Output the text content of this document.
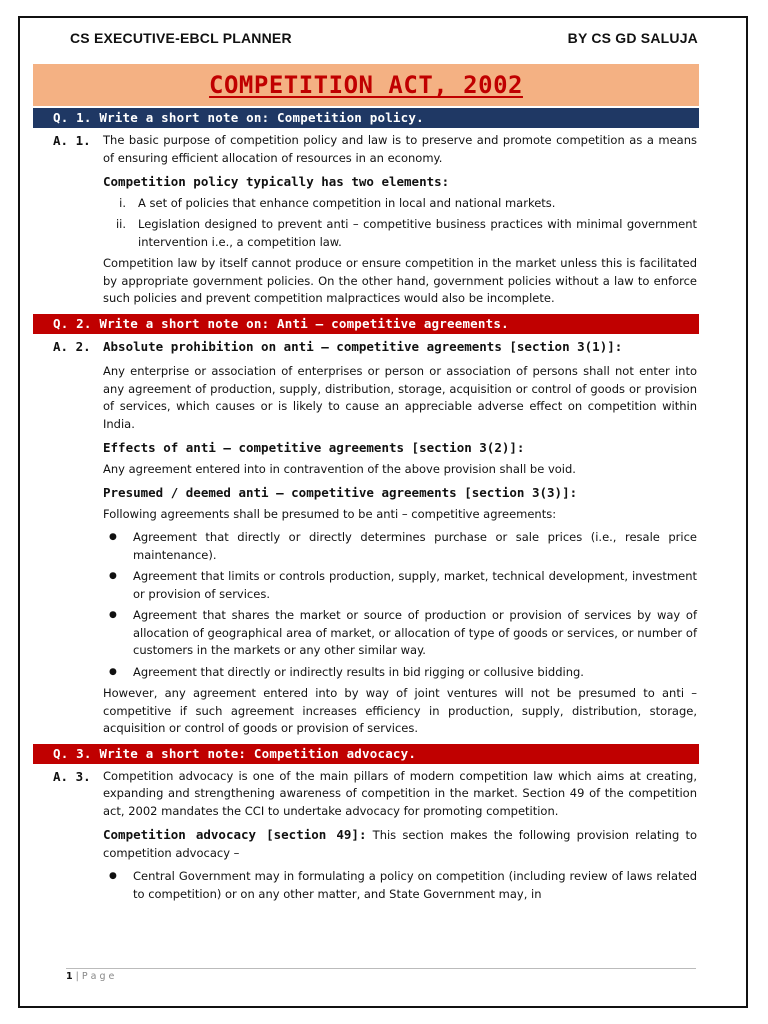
CS EXECUTIVE-EBCL PLANNER	BY CS GD SALUJA
COMPETITION ACT, 2002
Q. 1. Write a short note on: Competition policy.
A. 1.	The basic purpose of competition policy and law is to preserve and promote competition as a means of ensuring efficient allocation of resources in an economy.

Competition policy typically has two elements:
i.	A set of policies that enhance competition in local and national markets.
ii.	Legislation designed to prevent anti – competitive business practices with minimal government intervention i.e., a competition law.

Competition law by itself cannot produce or ensure competition in the market unless this is facilitated by appropriate government policies. On the other hand, government policies without a law to enforce such policies and prevent competition malpractices would also be incomplete.

Q. 2. Write a short note on: Anti – competitive agreements.
A. 2. Absolute prohibition on anti – competitive agreements [section 3(1)]:

Any enterprise or association of enterprises or person or association of persons shall not enter into any agreement of production, supply, distribution, storage, acquisition or control of goods or provision of services, which causes or is likely to cause an appreciable adverse effect on competition within India.

Effects of anti – competitive agreements [section 3(2)]:

Any agreement entered into in contravention of the above provision shall be void.

Presumed / deemed anti – competitive agreements [section 3(3)]:

Following agreements shall be presumed to be anti – competitive agreements:

●	Agreement that directly or directly determines purchase or sale prices (i.e., resale price maintenance).
●	Agreement that limits or controls production, supply, market, technical development, investment or provision of services.
●	Agreement that shares the market or source of production or provision of services by way of allocation of geographical area of market, or allocation of type of goods or services, or number of customers in the markets or any other similar way.
●	Agreement that directly or indirectly results in bid rigging or collusive bidding.

However, any agreement entered into by way of joint ventures will not be presumed to anti – competitive if such agreement increases efficiency in production, supply, distribution, storage, acquisition or control of goods or provision of services.

Q. 3. Write a short note: Competition advocacy.
A. 3.	Competition advocacy is one of the main pillars of modern competition law which aims at creating, expanding and strengthening awareness of competition in the market. Section 49 of the competition act, 2002 mandates the CCI to undertake advocacy for promoting competition.

Competition advocacy [section 49]: This section makes the following provision relating to competition advocacy –

●	Central Government may in formulating a policy on competition (including review of laws related to competition) or on any other matter, and State Government may, in
1 | P a g e
